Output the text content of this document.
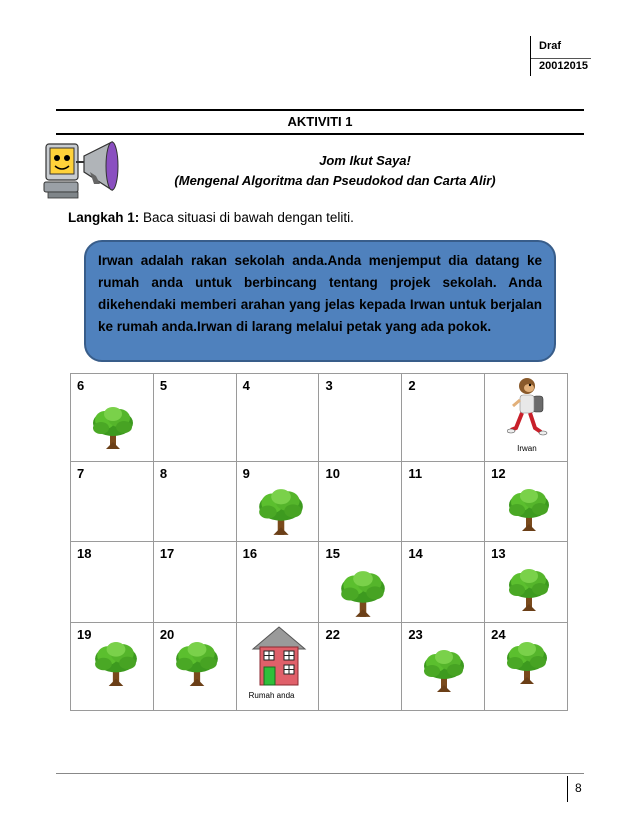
Draf
20012015
AKTIVITI 1
Jom Ikut Saya!
(Mengenal Algoritma dan Pseudokod dan Carta Alir)
Langkah 1: Baca situasi di bawah dengan teliti.

Irwan adalah rakan sekolah anda.Anda menjemput dia datang ke rumah anda untuk berbincang tentang projek sekolah. Anda dikehendaki memberi arahan yang jelas kepada Irwan untuk berjalan ke rumah anda.Irwan di larang melalui petak yang ada pokok.

6	5	4	3	2	Irwan

7	8	9	10	11	12

18	17	16	15	14	13

19	20	Rumah anda	22	23	24
8
